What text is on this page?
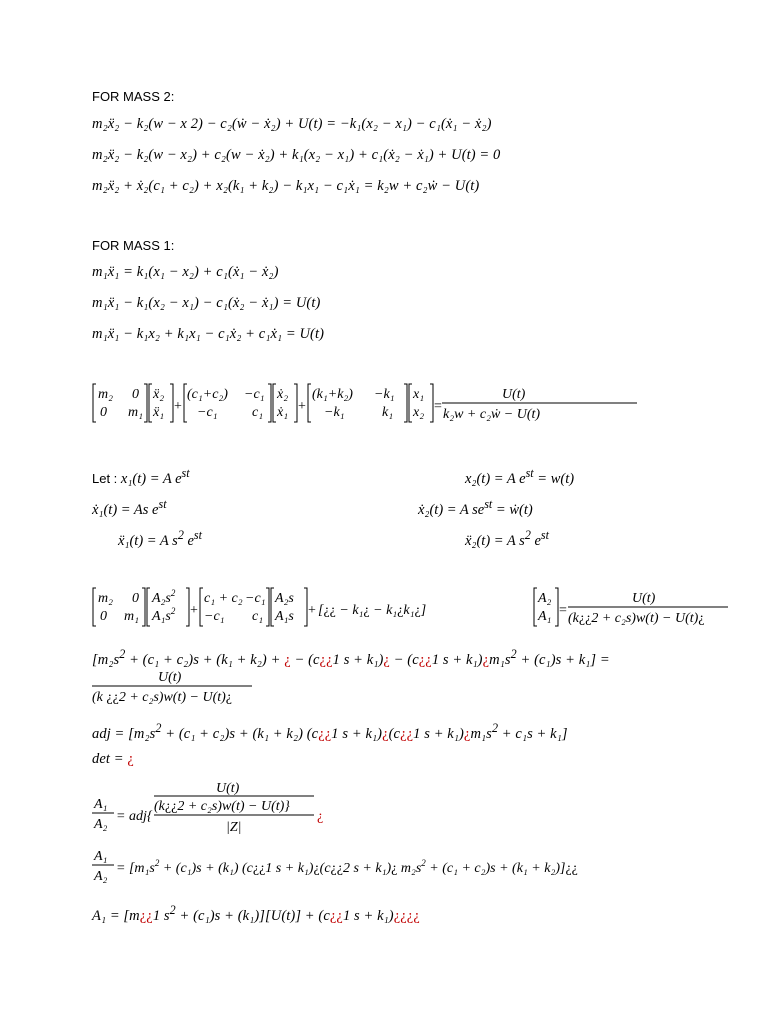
FOR MASS 2:
m₂ẍ₂ − k₂(w − x 2) − c₂(ẇ − ẋ₂) + U(t) = −k₁(x₂ − x₁) − c₁(ẋ₁ − ẋ₂)
m₂ẍ₂ − k₂(w − x₂) + c₂(w − ẋ₂) + k₁(x₂ − x₁) + c₁(ẋ₂ − ẋ₁) + U(t) = 0
m₂ẍ₂ + ẋ₂(c₁ + c₂) + x₂(k₁ + k₂) − k₁x₁ − c₁ẋ₁ = k₂w + c₂ẇ − U(t)
FOR MASS 1:
m₁ẍ₁ = k₁(x₁ − x₂) + c₁(ẋ₁ − ẋ₂)
m₁ẍ₁ − k₁(x₂ − x₁) − c₁(ẋ₂ − ẋ₁) = U(t)
m₁ẍ₁ − k₁x₂ + k₁x₁ − c₁ẋ₂ + c₁ẋ₁ = U(t)
m₂ 0
0 m₁
ẍ₂
ẍ₁ +
(c₁+c₂) −c₁
−c₁ c₁
ẋ₂
ẋ₁ +
(k₁+k₂) −k₁
−k₁	k₁
x₁
x₂ =
U(t)
k₂w + c₂ẇ − U(t)
Let : x₁(t) = A $e^{st}$
ẋ₁(t) = As $e^{st}$
ẍ₁(t) = A $s^2$ $e^{st}$
x₂(t) = A $e^{st} = w(t)$
ẋ₂(t) = A $se^{st}$ = ẇ(t)
ẍ₂(t) = A $s^2$ $e^{st}$
m₂ 0
0 m₁
$A_2s^2$
$A_1s^2$ +
c₁ + c₂ −c₁
−c₁ c₁
A₂s
A₁s + [¿¿ − k₁¿ − k₁¿k₁¿]
A₂
A₁ =
U(t)
(k¿¿2 + c₂s)w(t) − U(t)¿
[$m_2s^2 + (c_1 + c_2)s + (k_1 + k_2)$ + ¿ − (c¿¿1 s + k₁)¿ − (c¿¿1 $s + k_1)¿m_1s^2 + (c_1)s + k_1$] =
U(t)
(k ¿¿2 + c₂s)w(t) − U(t)¿
adj = [$m_2s^2 + (c_1 + c_2)s + (k_1 + k_2)$ (c¿¿1 s + k₁)¿(c¿¿1 $s + k_1)¿m_1s^2 + c_1s + k_1$]
det = ¿
A₁
A₂
= adj{
U(t)
(k¿¿2 + c₂s)w(t) − U(t)}
|Z|
¿
A₁
A₂
= [$m_1s^2 + (c_1)s + (k_1)$ (c¿¿1 s + k₁)¿(c¿¿2 s + k₁)¿ $m_2s^2 + (c_1 + c_2)s + (k_1$ + k₂)]¿¿
A₁ = [m¿¿1 $s^2 + (c_1)s + (k_1)][U(t)]$ + (c¿¿1 s + k₁)¿¿¿¿
